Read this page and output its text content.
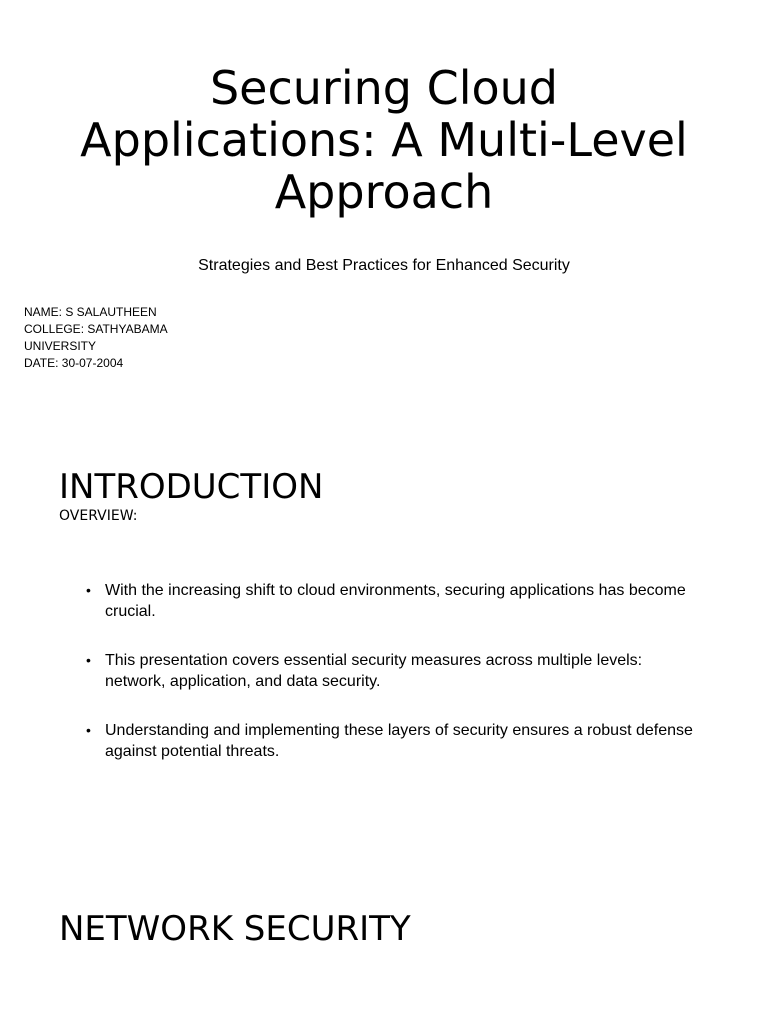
Securing Cloud Applications: A Multi-Level Approach

Strategies and Best Practices for Enhanced Security

NAME: S SALAUTHEEN
COLLEGE: SATHYABAMA
UNIVERSITY
DATE: 30-07-2004
INTRODUCTION

OVERVIEW:

• With the increasing shift to cloud environments, securing applications has become crucial.
• This presentation covers essential security measures across multiple levels: network, application, and data security.
• Understanding and implementing these layers of security ensures a robust defense against potential threats.
NETWORK SECURITY
